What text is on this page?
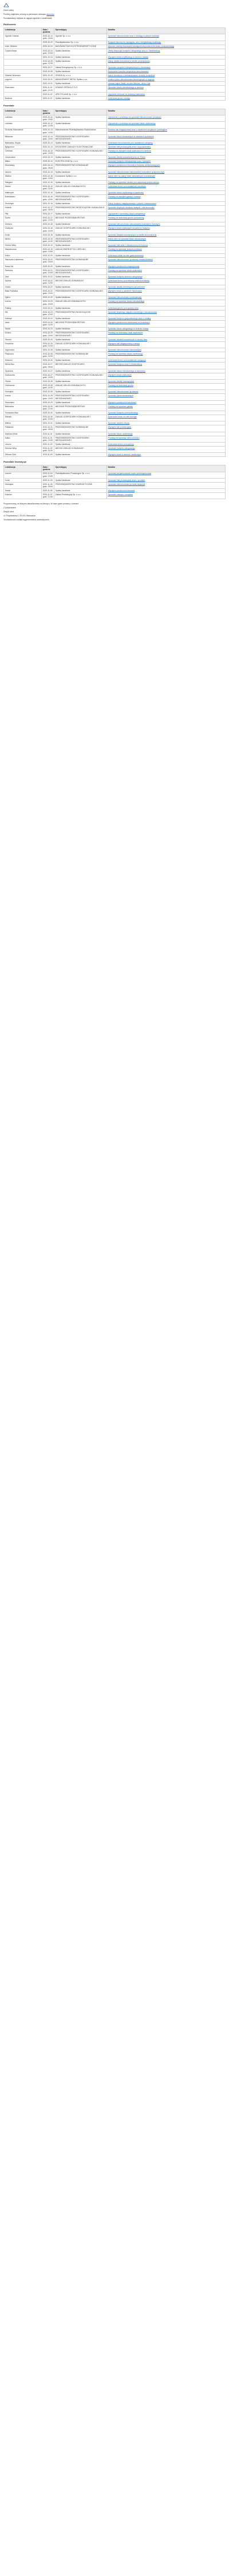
Dzień dobry

Poniżej znajdziesz zmiany w pierwszym miesiącu abcd-xyz

Pozostawiamy miejsca do wglądu zgodnie z ustaleniami:

Rozliczenie
Lokalizacja	Data i godzina	Sprzedający	Notatka
Ogólnie Gdańsk	2023-10-14 godz. 10:00	Ogólnie Sp. z o.o.	Sprzedaż nieruchomości wraz z obsługą w pełnym zakresie
	2023-10-22	Przedsiębiorstwo Sp. z o.o.	Budynek biurowy do wynajęcia, ceny uwzględniają lokalizację
Łódź, Widzew	2023-10-24	BUDOWNICTWO ELEKTROENERGETYCZNE	Wzorzec umowy dotyczącej udostępnienia powierzchni wraz z dokumentacją
Częstochowa	2023-10-24 godz. 10:00	Spółka handlowa	Oferty dotyczące budynku usługowego przy ul. Sienkiewicza
	2023-10-24	Spółka handlowa	Wynajem lokalu użytkowego w centrum miasta
	2023-10-25 godz. 12:00	Spółka handlowa	Zakup działki budowlanej w strefie przemysłowej
	2023-10-27	Zakład Energetyczny Sp. z o.o.	Sprzedaż urządzeń energetycznych z demontażu
	2023-10-28	Spółka handlowa	Rozliczenie kosztów utrzymania nieruchomości
Gdańsk Wrzeszcz	2023-10-29	GRADA Sp. z o.o.	Nabór wniosków o dofinansowanie remontu budynków
Legnica	2023-10-31	MANAGEMENT METAL Spółka z o.o.	Analiza rynku nieruchomości komercyjnych w regionie
	2023-10-31	Spółka handlowa	Umowa najmu lokalu na cele biurowe, okres 3 lat
Sosnowiec	2023-11-01 godz. 11:00	DOMINO SPÓŁKA Z O.O.	Sprzedaż lokalu mieszkalnego w centrum
	2023-11-02	APIS POLAND Sp. z o.o.	Zapytanie ofertowe na dostawę materiałów
Bochnia	2023-11-07	Spółka handlowa	Dzierżawa gruntu rolnego
Pozostałe
Lokalizacja	Data i godzina	Sprzedający	Notatka
Lubliniec	2023-10-12 godz. 10:00	Spółka handlowa	Ogłoszenie o przetargu na sprzedaż nieruchomości gruntowej
Lubliniec	2023-10-12 godz. 12:00	Spółka handlowa	Ogłoszenie o przetargu na sprzedaż lokalu użytkowego
Grodzisk Mazowiecki	2023-10-13 godz. 10:00	Wielobranżowe Przedsiębiorstwo Budownictwa	Budowa hali magazynowej wraz z zapleczem socjalnym i parkingiem
Blizanów	2023-10-13 godz. 10:00	PRZEDSIĘBIORSTWO GOSPODARKI MIESZKANIOWEJ	Sprzedaż lokali mieszkalnych w zasobach spółdzielni
Bełchatów, Słupia	2023-10-13	Spółka handlowa	Dzierżawa nieruchomości pod działalność usługową
Bydgoszcz	2023-10-13	BYDGOSKIE ZAKŁADY ELEKTRONICZNE	Sprzedaż hali produkcyjnej wraz z wyposażeniem
Chełmek	2023-10-13 godz. 10:00	PRZEDSIĘBIORSTWO GOSPODARKI KOMUNALNEJ	Przetarg na wynajem lokali użytkowych w centrum
Czechowice	2023-10-13	Spółka handlowa	Sprzedaż działki budowlanej przy ul. Polnej
Wałcz	2023-10-14	ELEKTRO-DOM Sp. z o.o.	Sprzedaż budynku mieszkalnego wraz z garażem
Głuchołazy	2023-10-14 godz. 09:00	PRZEDSIĘBIORSTWO KOMUNALNE	Wynajem powierzchni biurowej w budynku administracyjnym
Jarocin	2023-10-14	Spółka handlowa	Sprzedaż nieruchomości zabudowanej budynkiem gospodarczym
Siedlce	2023-10-15 godz. 10:00	Komunalne Spółka z o.o.	Nabór ofert na zakup lokali mieszkalnych komunalnych
Stargard	2023-10-15	Spółka handlowa	Przetarg na sprzedaż działek pod zabudowę jednorodzinną
Złotów	2023-10-15 godz. 11:00	ZAKŁAD USŁUG KOMUNALNYCH	Dzierżawa terenu pod działalność handlową
Wałbrzych	2023-10-16	Spółka handlowa	Sprzedaż lokalu użytkowego w kamienicy
Bolesławiec	2023-10-16 godz. 10:00	PRZEDSIĘBIORSTWO GOSPODARKI MIESZKANIOWEJ	Przetarg na wynajem garaży i boksów
Grudziądz	2023-10-16	Spółka handlowa	Zakup budynku magazynowego z placem manewrowym
Kraśnik	2023-10-17 godz. 09:00	PRZEDSIĘBIORSTWO WODOCIĄGÓW I KANALIZACJI	Sprzedaż zbędnych środków trwałych i nieruchomości
Piła	2023-10-17	Spółka handlowa	Ogłoszenie o sprzedaży lokalu usługowego
Tczew	2023-10-17 godz. 12:00	MIEJSKIE PRZEDSIĘBIORSTWO	Przetarg na dzierżawę gruntu pod parking
Gniezno	2023-10-18	Spółka handlowa	Sprzedaż nieruchomości zabudowanej budynkiem biurowym
Oświęcim	2023-10-18 godz. 10:00	ZAKŁAD GOSPODARKI KOMUNALNEJ	Wynajem lokali użytkowych na parterze budynku
Konin	2023-10-18	Spółka handlowa	Sprzedaż działek inwestycyjnych w strefie ekonomicznej
Mielec	2023-10-19 godz. 11:00	PRZEDSIĘBIORSTWO GOSPODARKI MIESZKANIOWEJ	Nabór ofert na sprzedaż lokali mieszkalnych
Ostrów Wlkp.	2023-10-19	Spółka handlowa	Sprzedaż hali wraz z infrastrukturą techniczną
Starachowice	2023-10-19 godz. 10:00	ZAKŁAD ENERGETYKI CIEPLNEJ	Przetarg na sprzedaż budynku kotłowni
Kutno	2023-10-20	Spółka handlowa	Dzierżawa lokalu na cele gastronomiczne
Skarżysko-Kamienna	2023-10-20 godz. 09:00	PRZEDSIĘBIORSTWO KOMUNALNE	Sprzedaż nieruchomości gruntowej niezabudowanej
Nowa Sól	2023-10-20	Spółka handlowa	Wynajem powierzchni magazynowej
Świdnica	2023-10-21 godz. 10:00	PRZEDSIĘBIORSTWO GOSPODARKI MIESZKANIOWEJ	Przetarg na sprzedaż lokali użytkowych
Żary	2023-10-21	Spółka handlowa	Sprzedaż budynku biurowo-usługowego
Dębica	2023-10-21 godz. 12:00	MIEJSKI ZAKŁAD KOMUNALNY	Dzierżawa terenu pod reklamę wielkoformatową
Chełm	2023-10-22	Spółka handlowa	Sprzedaż działki rekreacyjnej nad jeziorem
Biała Podlaska	2023-10-22 godz. 10:00	PRZEDSIĘBIORSTWO GOSPODARKI KOMUNALNEJ	Wynajem lokali w pawilonie handlowym
Zgierz	2023-10-22	Spółka handlowa	Sprzedaż nieruchomości przemysłowej
Łomża	2023-10-23 godz. 09:00	ZAKŁAD USŁUG KOMUNALNYCH	Przetarg na sprzedaż lokalu mieszkalnego
Puławy	2023-10-23	Spółka handlowa	Dzierżawa gruntu pod uprawy rolne
Ełk	2023-10-23 godz. 10:00	PRZEDSIĘBIORSTWO WODOCIĄGÓW	Sprzedaż zbędnego majątku ruchomego i nieruchomości
Kwidzyn	2023-10-24	Spółka handlowa	Sprzedaż budynku gospodarczego wraz z działką
Jasło	2023-10-24 godz. 11:00	MIEJSKIE PRZEDSIĘBIORSTWO	Wynajem powierzchni reklamowej na budynkach
Sanok	2023-10-24	Spółka handlowa	Sprzedaż lokalu usługowego w centrum miasta
Krosno	2023-10-25 godz. 10:00	PRZEDSIĘBIORSTWO GOSPODARKI MIESZKANIOWEJ	Przetarg na dzierżawę lokali użytkowych
Otwock	2023-10-25	Spółka handlowa	Sprzedaż działek budowlanych w okolicy lasu
Pruszków	2023-10-25 godz. 12:00	ZAKŁAD GOSPODARKI KOMUNALNEJ	Wynajem hali magazynowej z rampą
Legionowo	2023-10-26	Spółka handlowa	Sprzedaż nieruchomości zabudowanej
Piaseczno	2023-10-26 godz. 10:00	PRZEDSIĘBIORSTWO KOMUNALNE	Przetarg na sprzedaż lokalu użytkowego
Wołomin	2023-10-26	Spółka handlowa	Dzierżawa terenu pod działalność usługową
Mińsk Maz.	2023-10-27 godz. 09:00	MIEJSKI ZAKŁAD GOSPODARKI	Sprzedaż budynku wraz z infrastrukturą
Żyrardów	2023-10-27	Spółka handlowa	Sprzedaż lokalu mieszkalnego w kamienicy
Sochaczew	2023-10-27 godz. 10:00	PRZEDSIĘBIORSTWO GOSPODARKI KOMUNALNEJ	Wynajem lokali użytkowych
Płońsk	2023-10-28	Spółka handlowa	Sprzedaż działki inwestycyjnej
Ciechanów	2023-10-28 godz. 11:00	ZAKŁAD USŁUG KOMUNALNYCH	Przetarg na dzierżawę gruntu
Ostrołęka	2023-10-28	Spółka handlowa	Sprzedaż nieruchomości gruntowej
Łowicz	2023-10-29 godz. 10:00	PRZEDSIĘBIORSTWO GOSPODARKI MIESZKANIOWEJ	Sprzedaż lokali mieszkalnych
Radomsko	2023-10-29	Spółka handlowa	Wynajem powierzchni handlowej
Bełchatów	2023-10-30 godz. 12:00	MIEJSKIE PRZEDSIĘBIORSTWO	Przetarg na sprzedaż garaży
Tomaszów Maz.	2023-10-30	Spółka handlowa	Sprzedaż budynku przemysłowego
Sieradz	2023-10-30 godz. 10:00	ZAKŁAD GOSPODARKI KOMUNALNEJ	Dzierżawa lokalu na cele biurowe
Wieluń	2023-10-31	Spółka handlowa	Sprzedaż działek rolnych
Pabianice	2023-10-31 godz. 09:00	PRZEDSIĘBIORSTWO KOMUNALNE	Wynajem hali produkcyjnej
Zduńska Wola	2023-11-01	Spółka handlowa	Sprzedaż lokalu użytkowego
Kalisz	2023-11-01 godz. 10:00	PRZEDSIĘBIORSTWO GOSPODARKI MIESZKANIOWEJ	Przetarg na sprzedaż nieruchomości
Leszno	2023-11-02	Spółka handlowa	Dzierżawa terenu pod parking
Gorzów Wlkp.	2023-11-02 godz. 11:00	MIEJSKI ZAKŁAD KOMUNALNY	Sprzedaż budynku usługowego
Zielona Góra	2023-11-03	Spółka handlowa	Wynajem lokali w centrum handlowym
Pozostałe Inwestycje
Lokalizacja	Data i godzina	Sprzedający	Notatka
Leszno	2023-11-04 godz. 10:00	Przedsiębiorstwo Produkcyjne Sp. z o.o.	Sprzedaż zorganizowanej części przedsiębiorstwa
Konin	2023-11-05	Spółka handlowa	Sprzedaż hali produkcyjnej wraz z gruntem
Ostrołęka	2023-11-06 godz. 09:00	PRZEDSIĘBIORSTWO ENERGETYCZNE	Sprzedaż nieruchomości po byłej ciepłowni
Sanok	2023-11-06	Spółka handlowa	Wynajem powierzchni biurowej
Kościan	2023-11-07 godz. 12:00	Zakład Produkcyjny Sp. z o.o.	Sprzedaż maszyn i urządzeń

Przypominamy, że lista jest aktualizowana na bieżąco. W razie pytań prosimy o kontakt.

Z poważaniem

Zespół ofert

ul. Przykładowa 1, 00-001 Warszawa

Ta wiadomość została wygenerowana automatycznie.
